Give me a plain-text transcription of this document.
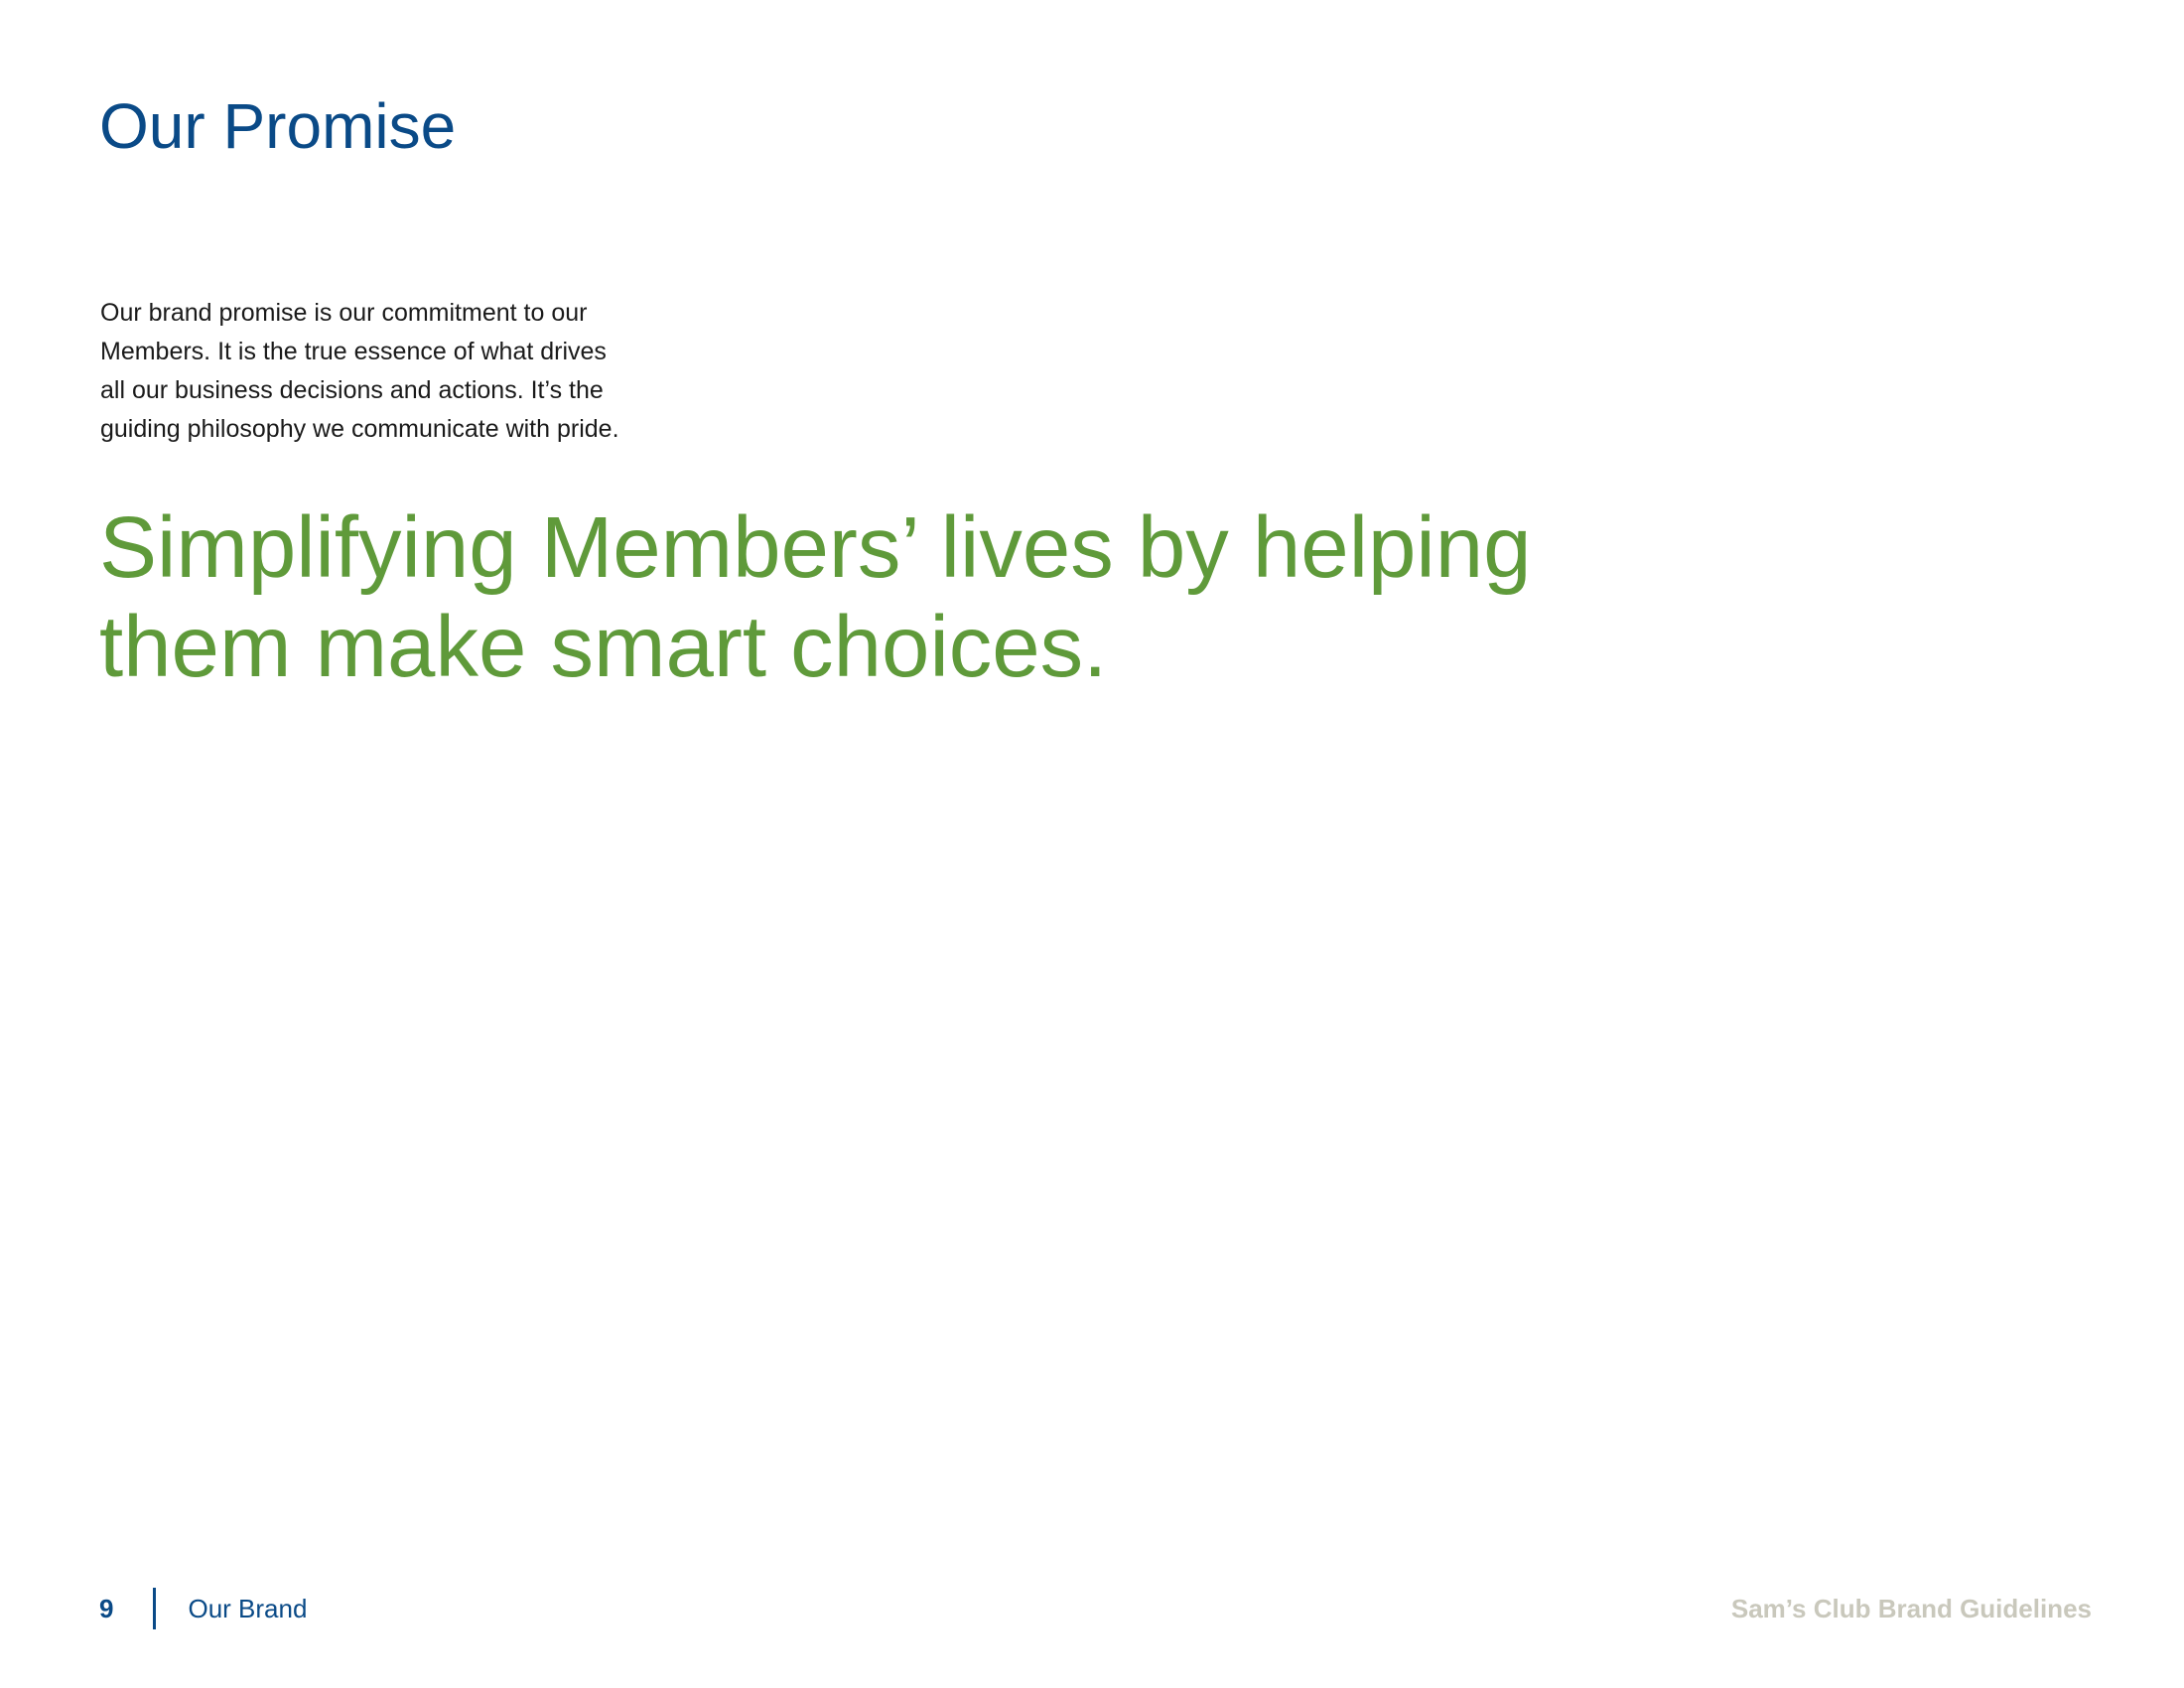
Our Promise

Our brand promise is our commitment to our
Members. It is the true essence of what drives
all our business decisions and actions. It’s the
guiding philosophy we communicate with pride.

Simplifying Members’ lives by helping
them make smart choices.
9	Our Brand	Sam’s Club Brand Guidelines
